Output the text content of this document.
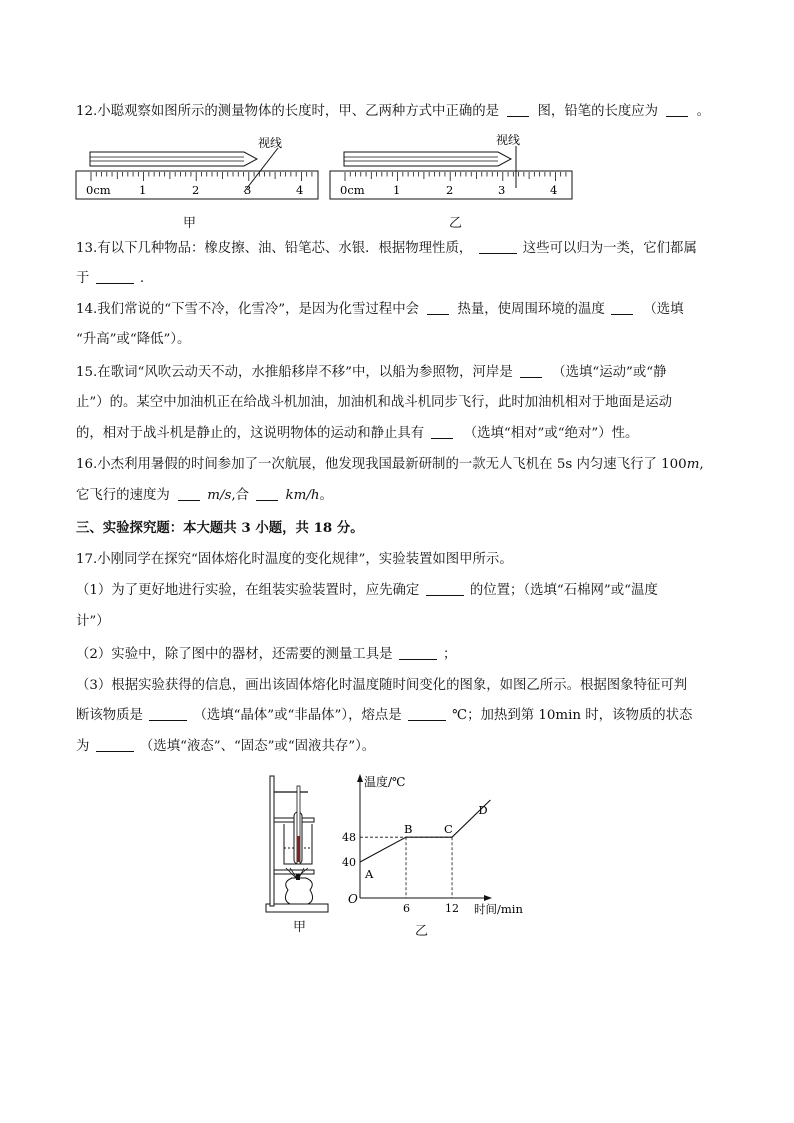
12.小聪观察如图所示的测量物体的长度时，甲、乙两种方式中正确的是	图，铅笔的长度应为	。
视线
0cm 1	2	3	4
甲
视线
0cm 1	2	3	4
乙
13.有以下几种物品：橡皮擦、油、铅笔芯、水银．根据物理性质，	这些可以归为一类，它们都属
于	.
14.我们常说的“下雪不冷，化雪冷”，是因为化雪过程中会	热量，使周围环境的温度	（选填
“升高”或“降低”）。
15.在歌词“风吹云动天不动，水推船移岸不移”中，以船为参照物，河岸是	（选填“运动”或“静
止”）的。某空中加油机正在给战斗机加油，加油机和战斗机同步飞行，此时加油机相对于地面是运动
的，相对于战斗机是静止的，这说明物体的运动和静止具有	（选填“相对”或“绝对”）性。
16.小杰利用暑假的时间参加了一次航展，他发现我国最新研制的一款无人飞机在 5s 内匀速飞行了 100m,
它飞行的速度为	m/s,合	km/h。
三、实验探究题：本大题共 3 小题，共 18 分。
17.小刚同学在探究“固体熔化时温度的变化规律”，实验装置如图甲所示。
（1）为了更好地进行实验，在组装实验装置时，应先确定	的位置；（选填“石棉网”或“温度
计”）
（2）实验中，除了图中的器材，还需要的测量工具是	；
（3）根据实验获得的信息，画出该固体熔化时温度随时间变化的图象，如图乙所示。根据图象特征可判
断该物质是	（选填“晶体”或“非晶体”），熔点是	℃；加热到第 10min 时，该物质的状态
为	（选填“液态”、“固态”或“固液共存”）。
甲
温度/℃
时间/min
O
40
48
6	12
A
B	C
D
乙
